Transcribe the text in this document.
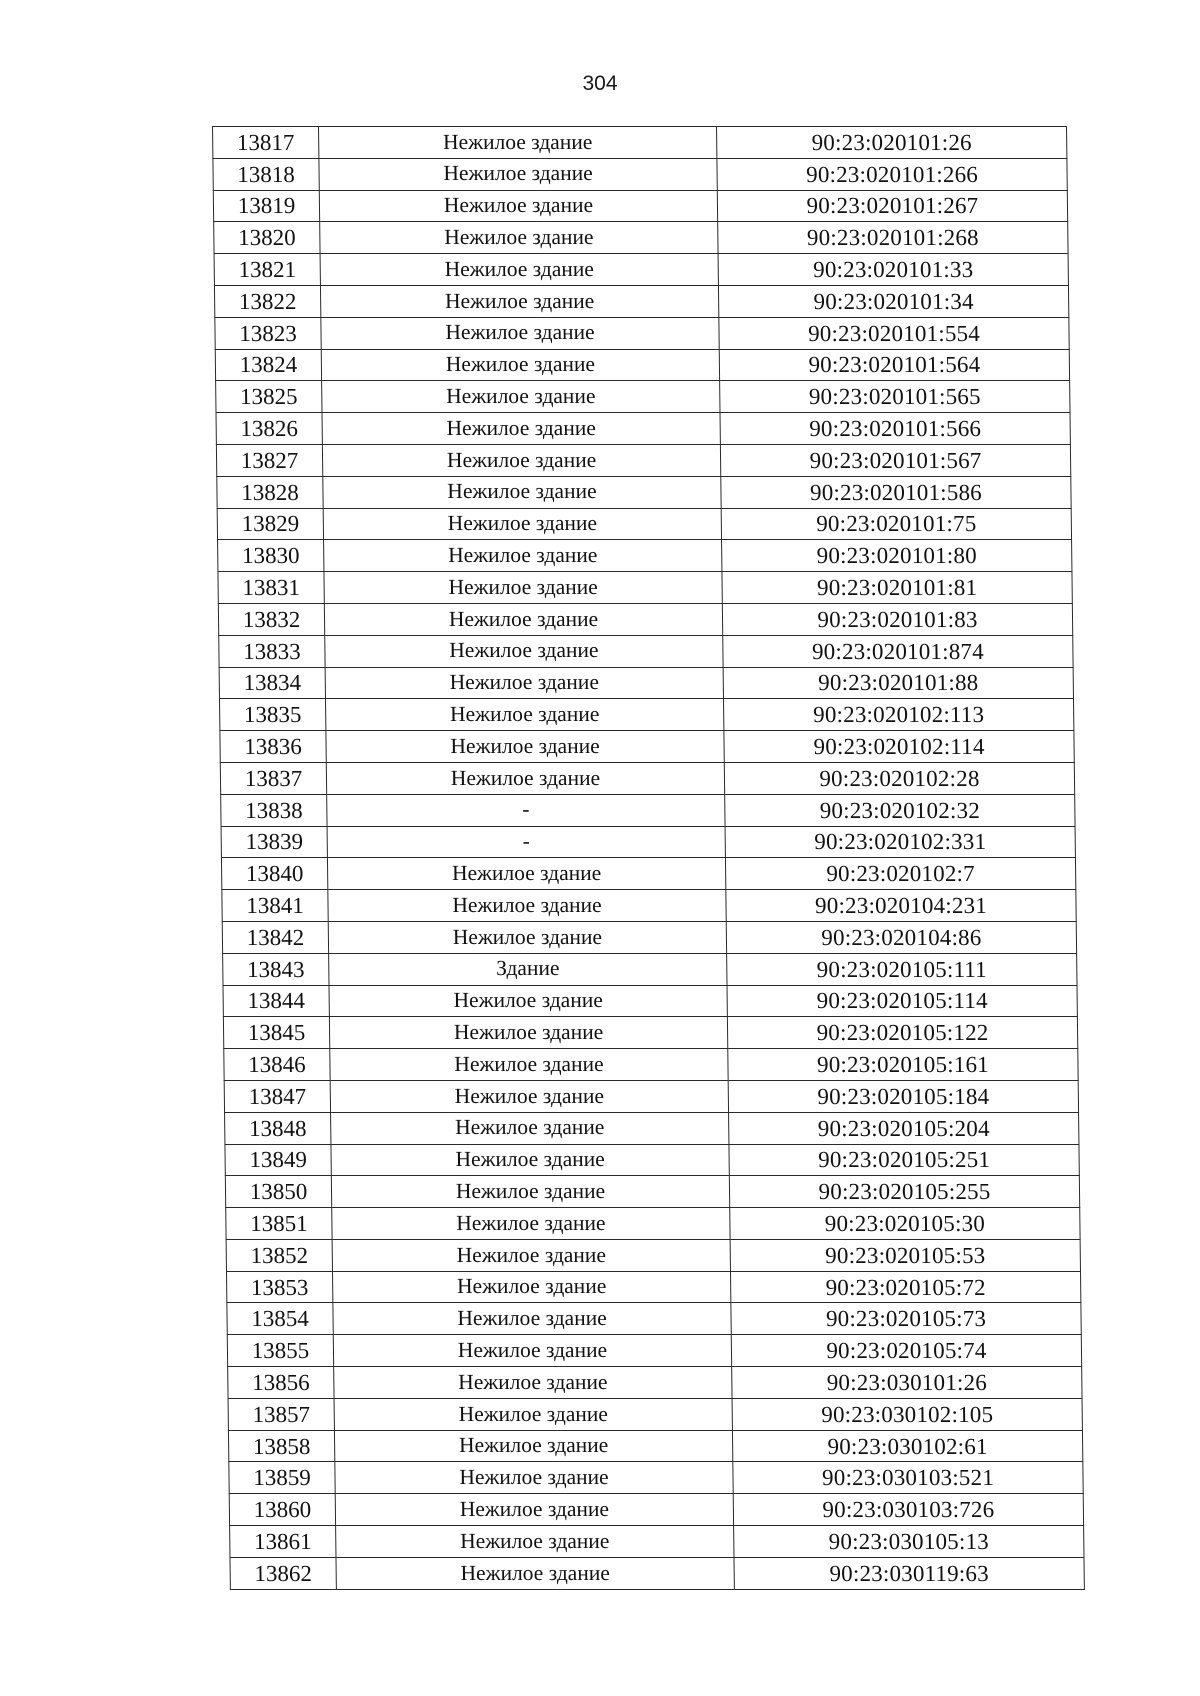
304
13817	Нежилое здание	90:23:020101:26
13818	Нежилое здание	90:23:020101:266
13819	Нежилое здание	90:23:020101:267
13820	Нежилое здание	90:23:020101:268
13821	Нежилое здание	90:23:020101:33
13822	Нежилое здание	90:23:020101:34
13823	Нежилое здание	90:23:020101:554
13824	Нежилое здание	90:23:020101:564
13825	Нежилое здание	90:23:020101:565
13826	Нежилое здание	90:23:020101:566
13827	Нежилое здание	90:23:020101:567
13828	Нежилое здание	90:23:020101:586
13829	Нежилое здание	90:23:020101:75
13830	Нежилое здание	90:23:020101:80
13831	Нежилое здание	90:23:020101:81
13832	Нежилое здание	90:23:020101:83
13833	Нежилое здание	90:23:020101:874
13834	Нежилое здание	90:23:020101:88
13835	Нежилое здание	90:23:020102:113
13836	Нежилое здание	90:23:020102:114
13837	Нежилое здание	90:23:020102:28
13838	-	90:23:020102:32
13839	-	90:23:020102:331
13840	Нежилое здание	90:23:020102:7
13841	Нежилое здание	90:23:020104:231
13842	Нежилое здание	90:23:020104:86
13843	Здание	90:23:020105:111
13844	Нежилое здание	90:23:020105:114
13845	Нежилое здание	90:23:020105:122
13846	Нежилое здание	90:23:020105:161
13847	Нежилое здание	90:23:020105:184
13848	Нежилое здание	90:23:020105:204
13849	Нежилое здание	90:23:020105:251
13850	Нежилое здание	90:23:020105:255
13851	Нежилое здание	90:23:020105:30
13852	Нежилое здание	90:23:020105:53
13853	Нежилое здание	90:23:020105:72
13854	Нежилое здание	90:23:020105:73
13855	Нежилое здание	90:23:020105:74
13856	Нежилое здание	90:23:030101:26
13857	Нежилое здание	90:23:030102:105
13858	Нежилое здание	90:23:030102:61
13859	Нежилое здание	90:23:030103:521
13860	Нежилое здание	90:23:030103:726
13861	Нежилое здание	90:23:030105:13
13862	Нежилое здание	90:23:030119:63
